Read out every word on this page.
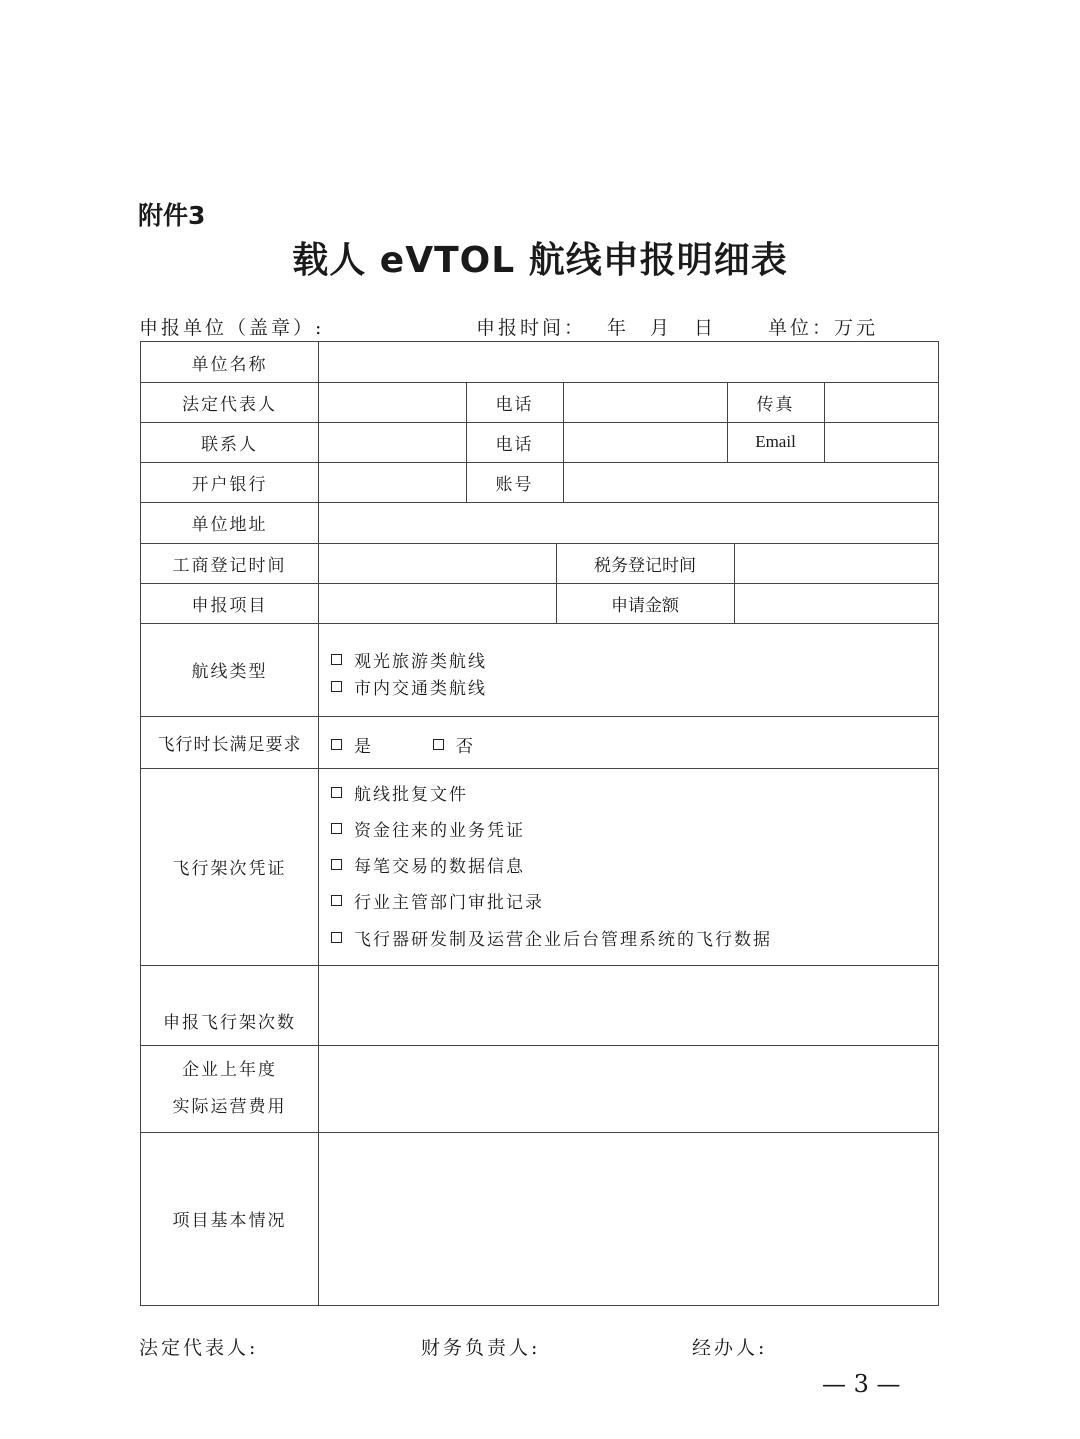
附件3
载人 eVTOL 航线申报明细表
申报单位（盖章）:	申报时间： 年 月 日	单位：万元
单位名称
法定代表人	电话	传真
联系人	电话	Email
开户银行	账号
单位地址
工商登记时间	税务登记时间
申报项目	申请金额
航线类型	观光旅游类航线
市内交通类航线
飞行时长满足要求	是	否
飞行架次凭证
航线批复文件
资金往来的业务凭证
每笔交易的数据信息
行业主管部门审批记录
飞行器研发制及运营企业后台管理系统的飞行数据
申报飞行架次数
企业上年度
实际运营费用
项目基本情况
法定代表人:	财务负责人:	经办人:
— 3 —
